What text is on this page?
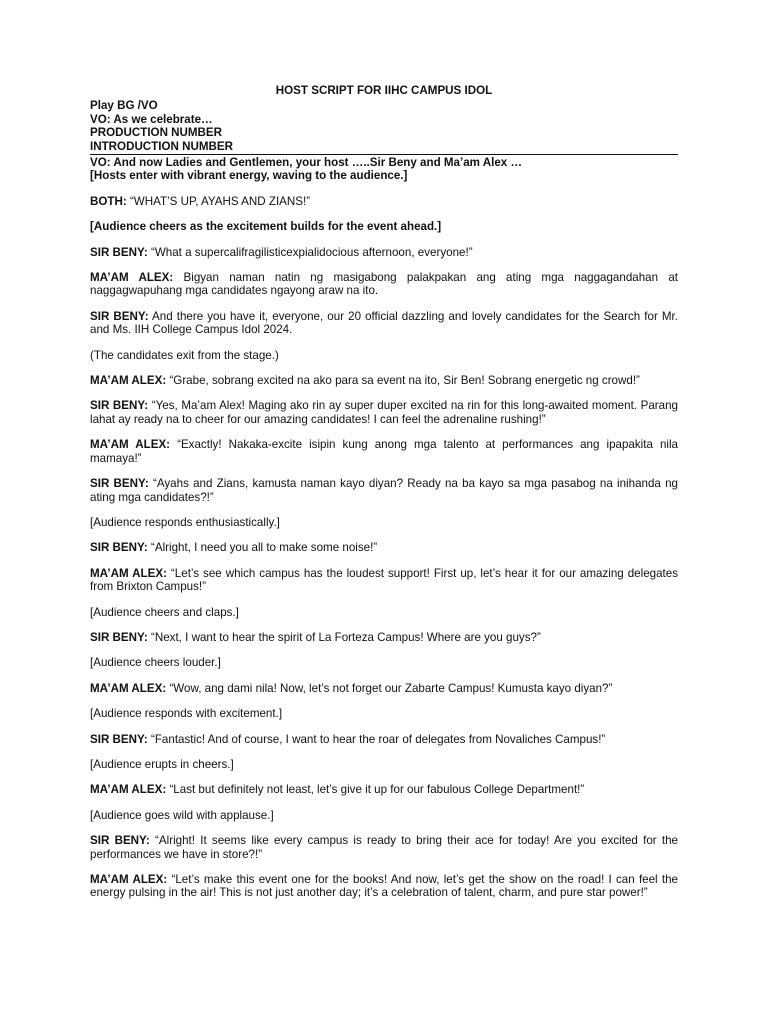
HOST SCRIPT FOR IIHC CAMPUS IDOL
Play BG /VO
VO: As we celebrate…
PRODUCTION NUMBER
INTRODUCTION NUMBER
VO: And now Ladies and Gentlemen, your host …..Sir Beny and Ma’am Alex …
[Hosts enter with vibrant energy, waving to the audience.]
BOTH: “WHAT’S UP, AYAHS AND ZIANS!”
[Audience cheers as the excitement builds for the event ahead.]
SIR BENY: “What a supercalifragilisticexpialidocious afternoon, everyone!”
MA’AM ALEX: Bigyan naman natin ng masigabong palakpakan ang ating mga naggagandahan at naggagwapuhang mga candidates ngayong araw na ito.
SIR BENY: And there you have it, everyone, our 20 official dazzling and lovely candidates for the Search for Mr. and Ms. IIH College Campus Idol 2024.
(The candidates exit from the stage.)
MA’AM ALEX: “Grabe, sobrang excited na ako para sa event na ito, Sir Ben! Sobrang energetic ng crowd!”
SIR BENY: “Yes, Ma’am Alex! Maging ako rin ay super duper excited na rin for this long-awaited moment. Parang lahat ay ready na to cheer for our amazing candidates! I can feel the adrenaline rushing!”
MA’AM ALEX: “Exactly! Nakaka-excite isipin kung anong mga talento at performances ang ipapakita nila mamaya!”
SIR BENY: “Ayahs and Zians, kamusta naman kayo diyan? Ready na ba kayo sa mga pasabog na inihanda ng ating mga candidates?!”
[Audience responds enthusiastically.]
SIR BENY: “Alright, I need you all to make some noise!”
MA’AM ALEX: “Let’s see which campus has the loudest support! First up, let’s hear it for our amazing delegates from Brixton Campus!”
[Audience cheers and claps.]
SIR BENY: “Next, I want to hear the spirit of La Forteza Campus! Where are you guys?”
[Audience cheers louder.]
MA’AM ALEX: “Wow, ang dami nila! Now, let’s not forget our Zabarte Campus! Kumusta kayo diyan?”
[Audience responds with excitement.]
SIR BENY: “Fantastic! And of course, I want to hear the roar of delegates from Novaliches Campus!”
[Audience erupts in cheers.]
MA’AM ALEX: “Last but definitely not least, let’s give it up for our fabulous College Department!”
[Audience goes wild with applause.]
SIR BENY: “Alright! It seems like every campus is ready to bring their ace for today! Are you excited for the performances we have in store?!”
MA’AM ALEX: “Let’s make this event one for the books! And now, let’s get the show on the road! I can feel the energy pulsing in the air! This is not just another day; it’s a celebration of talent, charm, and pure star power!”
